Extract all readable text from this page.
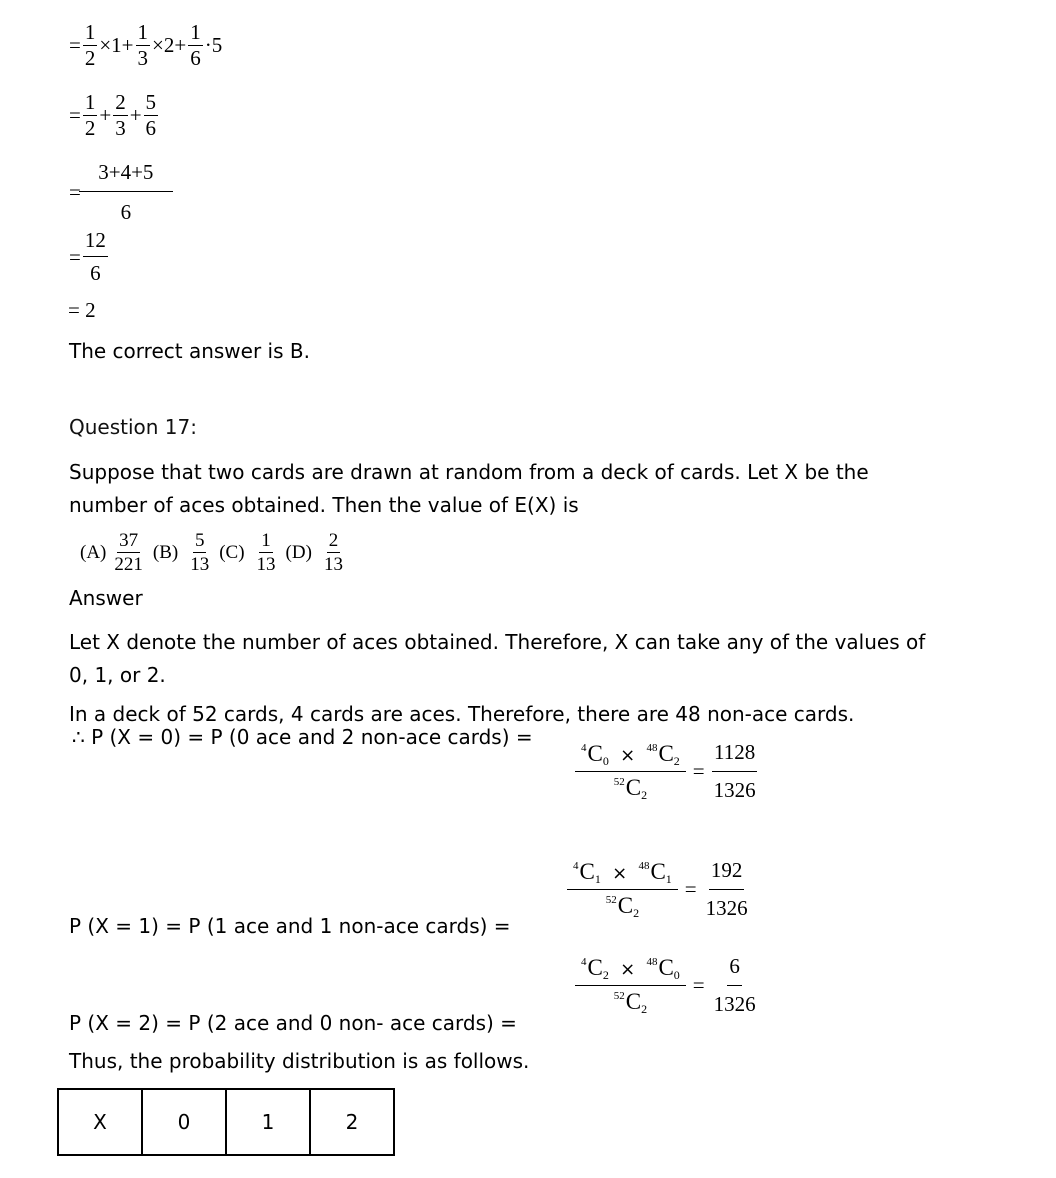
= $\frac{1}{2} \times 1+ \frac{1}{3} \times 2+ \frac{1}{6} \cdot 5$
= $\frac{1}{2} + \frac{2}{3} + \frac{5}{6}$
= $\frac{3+4+5}{6}$
= $\frac{12}{6}$
= 2
The correct answer is B.
Question 17:
Suppose that two cards are drawn at random from a deck of cards. Let X be the
number of aces obtained. Then the value of E(X) is
$(A) \frac{37}{221} (B) \frac{5}{13} (C) \frac{1}{13} (D) \frac{2}{13}$
Answer
Let X denote the number of aces obtained. Therefore, X can take any of the values of
0, 1, or 2.
In a deck of 52 cards, 4 cards are aces. Therefore, there are 48 non-ace cards.
∴ P (X = 0) = P (0 ace and 2 non-ace cards) =
$\frac{^4C_0 \times ^{48}C_2}{^{52}C_2} = \frac{1128}{1326}$
$\frac{^4C_1 \times ^{48}C_1}{^{52}C_2} = \frac{192}{1326}$
P (X = 1) = P (1 ace and 1 non-ace cards) =
$\frac{^4C_2 \times ^{48}C_0}{^{52}C_2} = \frac{6}{1326}$
P (X = 2) = P (2 ace and 0 non- ace cards) =
Thus, the probability distribution is as follows.
X	0	1	2
